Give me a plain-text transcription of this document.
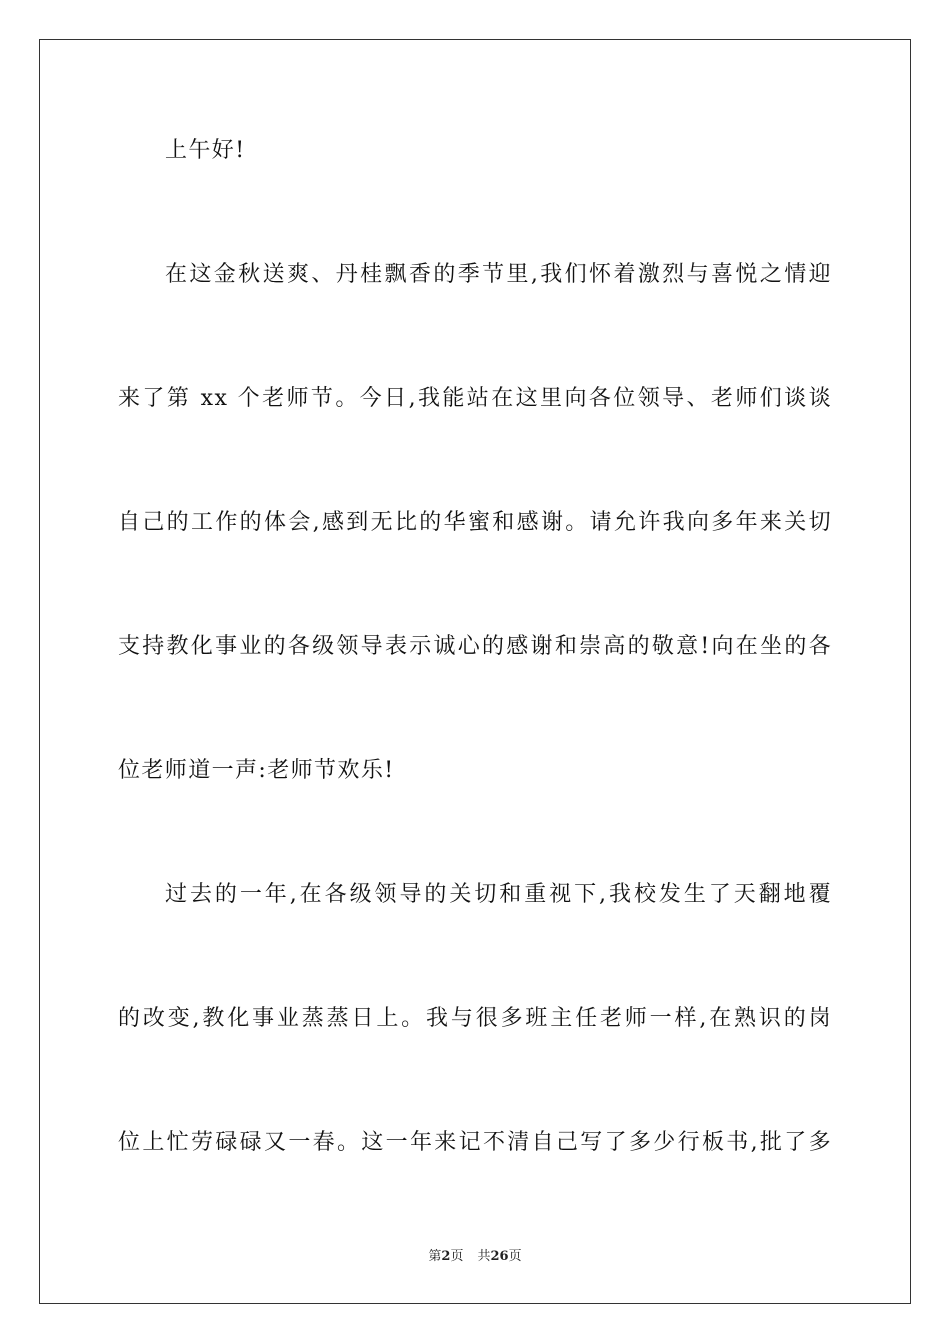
上午好!
在这金秋送爽、丹桂飘香的季节里,我们怀着激烈与喜悦之情迎
来了第 xx 个老师节。今日,我能站在这里向各位领导、老师们谈谈
自己的工作的体会,感到无比的华蜜和感谢。请允许我向多年来关切
支持教化事业的各级领导表示诚心的感谢和崇高的敬意!向在坐的各
位老师道一声:老师节欢乐!
过去的一年,在各级领导的关切和重视下,我校发生了天翻地覆
的改变,教化事业蒸蒸日上。我与很多班主任老师一样,在熟识的岗
位上忙劳碌碌又一春。这一年来记不清自己写了多少行板书,批了多
第2页 共26页
